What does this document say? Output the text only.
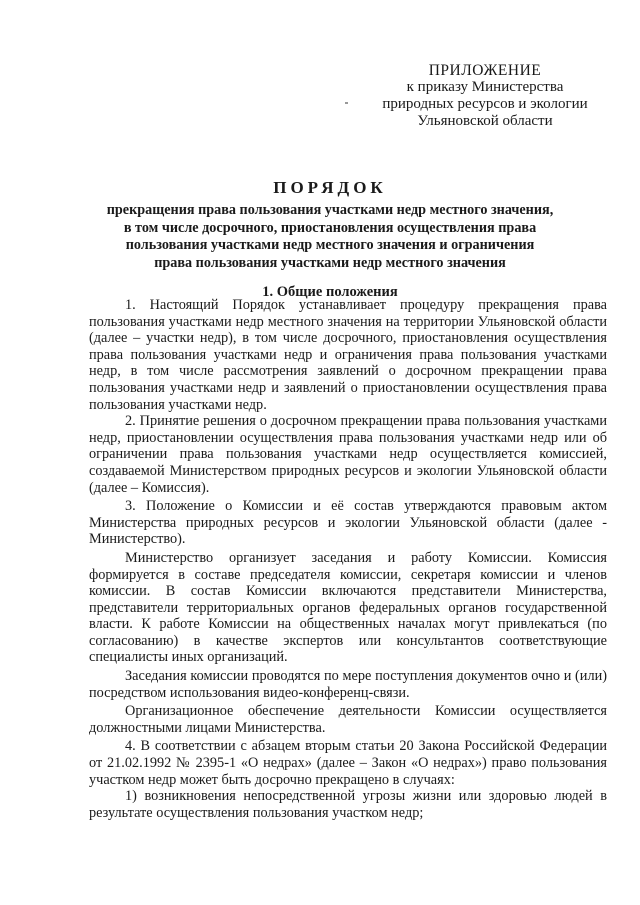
ПРИЛОЖЕНИЕ
к приказу Министерства
природных ресурсов и экологии
Ульяновской области
ПОРЯДОК
прекращения права пользования участками недр местного значения,
в том числе досрочного, приостановления осуществления права
пользования участками недр местного значения и ограничения
права пользования участками недр местного значения
1. Общие положения

1. Настоящий Порядок устанавливает процедуру прекращения права пользования участками недр местного значения на территории Ульяновской области (далее – участки недр), в том числе досрочного, приостановления осуществления права пользования участками недр и ограничения права пользования участками недр, в том числе рассмотрения заявлений о досрочном прекращении права пользования участками недр и заявлений о приостановлении осуществления права пользования участками недр.

2. Принятие решения о досрочном прекращении права пользования участками недр, приостановлении осуществления права пользования участками недр или об ограничении права пользования участками недр осуществляется комиссией, создаваемой Министерством природных ресурсов и экологии Ульяновской области (далее – Комиссия).

3. Положение о Комиссии и её состав утверждаются правовым актом Министерства природных ресурсов и экологии Ульяновской области (далее - Министерство).

Министерство организует заседания и работу Комиссии. Комиссия формируется в составе председателя комиссии, секретаря комиссии и членов комиссии. В состав Комиссии включаются представители Министерства, представители территориальных органов федеральных органов государственной власти. К работе Комиссии на общественных началах могут привлекаться (по согласованию) в качестве экспертов или консультантов соответствующие специалисты иных организаций.

Заседания комиссии проводятся по мере поступления документов очно и (или) посредством использования видео-конференц-связи.

Организационное обеспечение деятельности Комиссии осуществляется должностными лицами Министерства.

4. В соответствии с абзацем вторым статьи 20 Закона Российской Федерации от 21.02.1992 № 2395-1 «О недрах» (далее – Закон «О недрах») право пользования участком недр может быть досрочно прекращено в случаях:

1) возникновения непосредственной угрозы жизни или здоровью людей в результате осуществления пользования участком недр;
